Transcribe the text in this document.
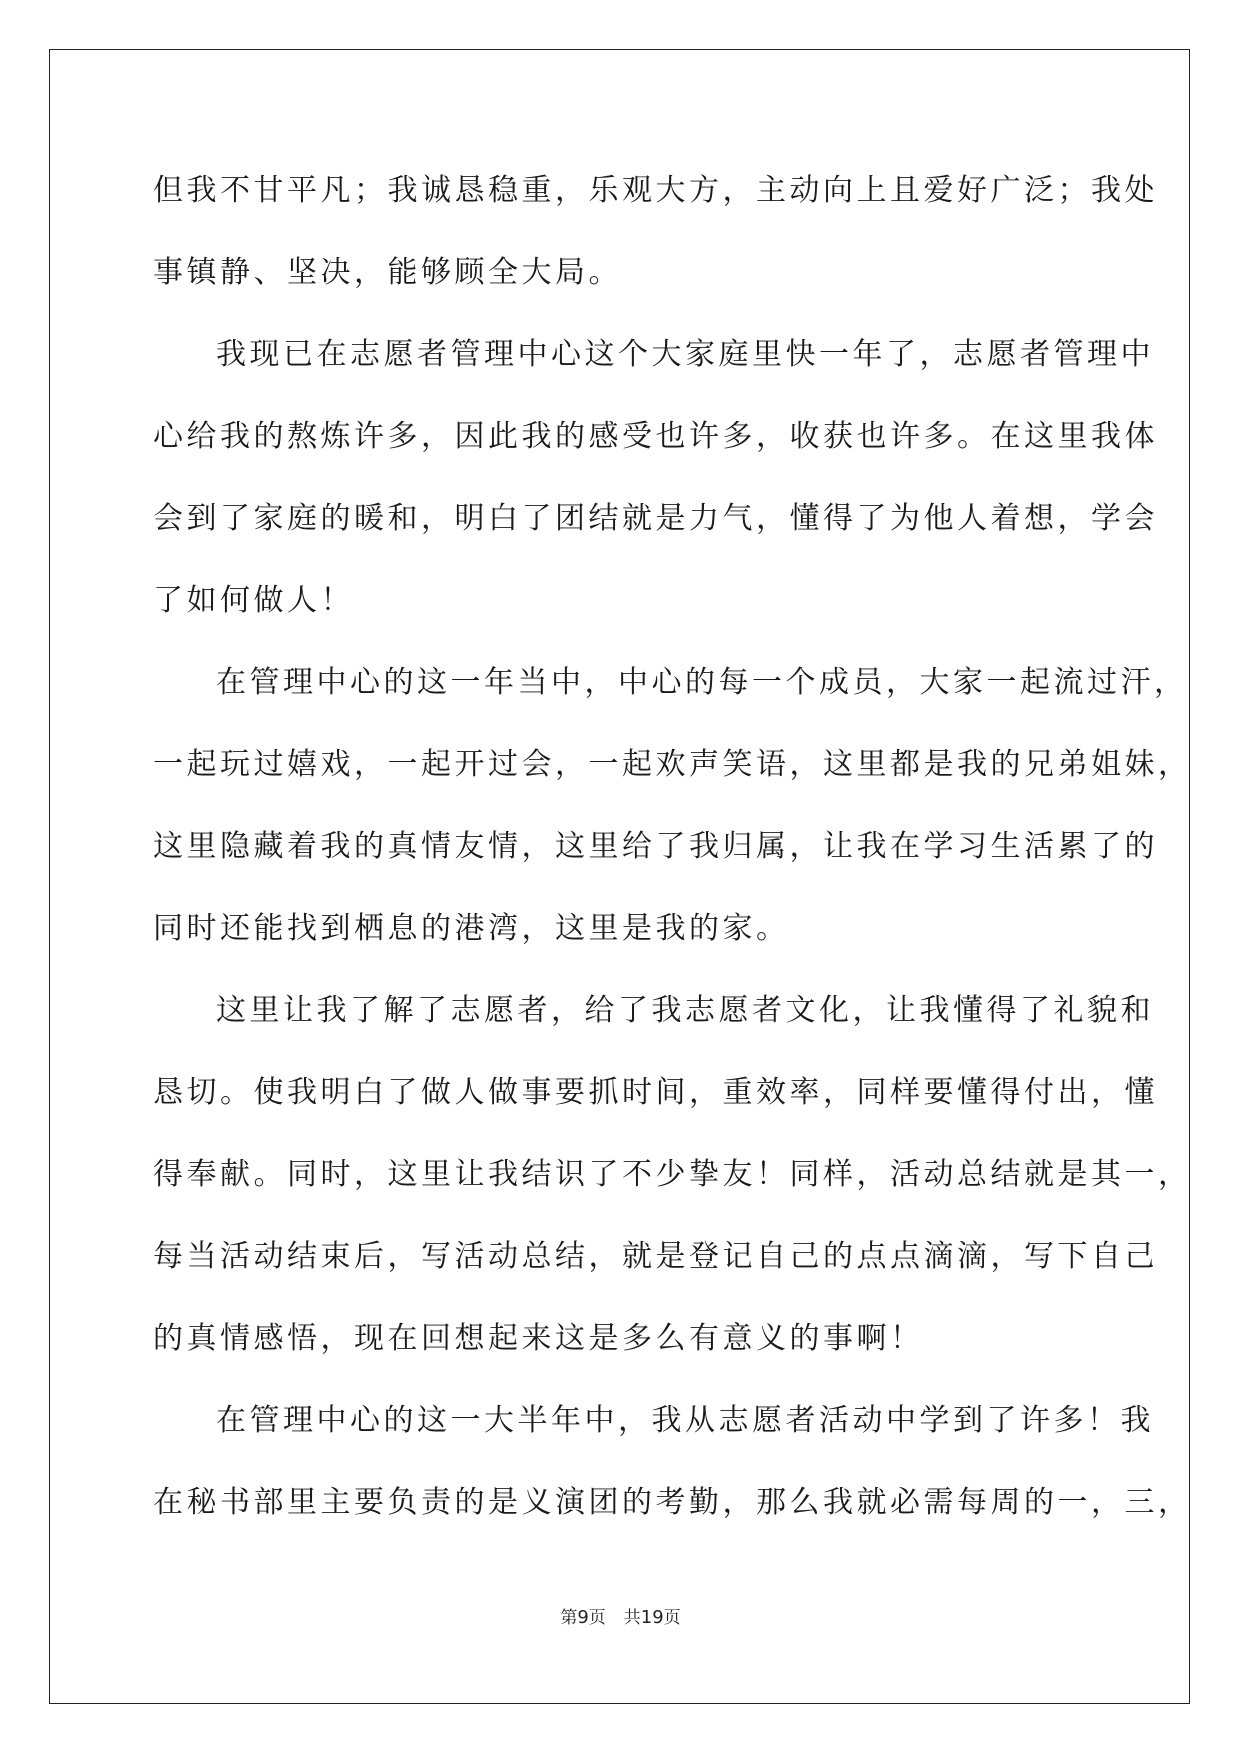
但我不甘平凡；我诚恳稳重，乐观大方，主动向上且爱好广泛；我处
事镇静、坚决，能够顾全大局。
我现已在志愿者管理中心这个大家庭里快一年了，志愿者管理中
心给我的熬炼许多，因此我的感受也许多，收获也许多。在这里我体
会到了家庭的暖和，明白了团结就是力气，懂得了为他人着想，学会
了如何做人！
在管理中心的这一年当中，中心的每一个成员，大家一起流过汗，
一起玩过嬉戏，一起开过会，一起欢声笑语，这里都是我的兄弟姐妹，
这里隐藏着我的真情友情，这里给了我归属，让我在学习生活累了的
同时还能找到栖息的港湾，这里是我的家。
这里让我了解了志愿者，给了我志愿者文化，让我懂得了礼貌和
恳切。使我明白了做人做事要抓时间，重效率，同样要懂得付出，懂
得奉献。同时，这里让我结识了不少挚友！同样，活动总结就是其一，
每当活动结束后，写活动总结，就是登记自己的点点滴滴，写下自己
的真情感悟，现在回想起来这是多么有意义的事啊！
在管理中心的这一大半年中，我从志愿者活动中学到了许多！我
在秘书部里主要负责的是义演团的考勤，那么我就必需每周的一，三，
第9页 共19页
